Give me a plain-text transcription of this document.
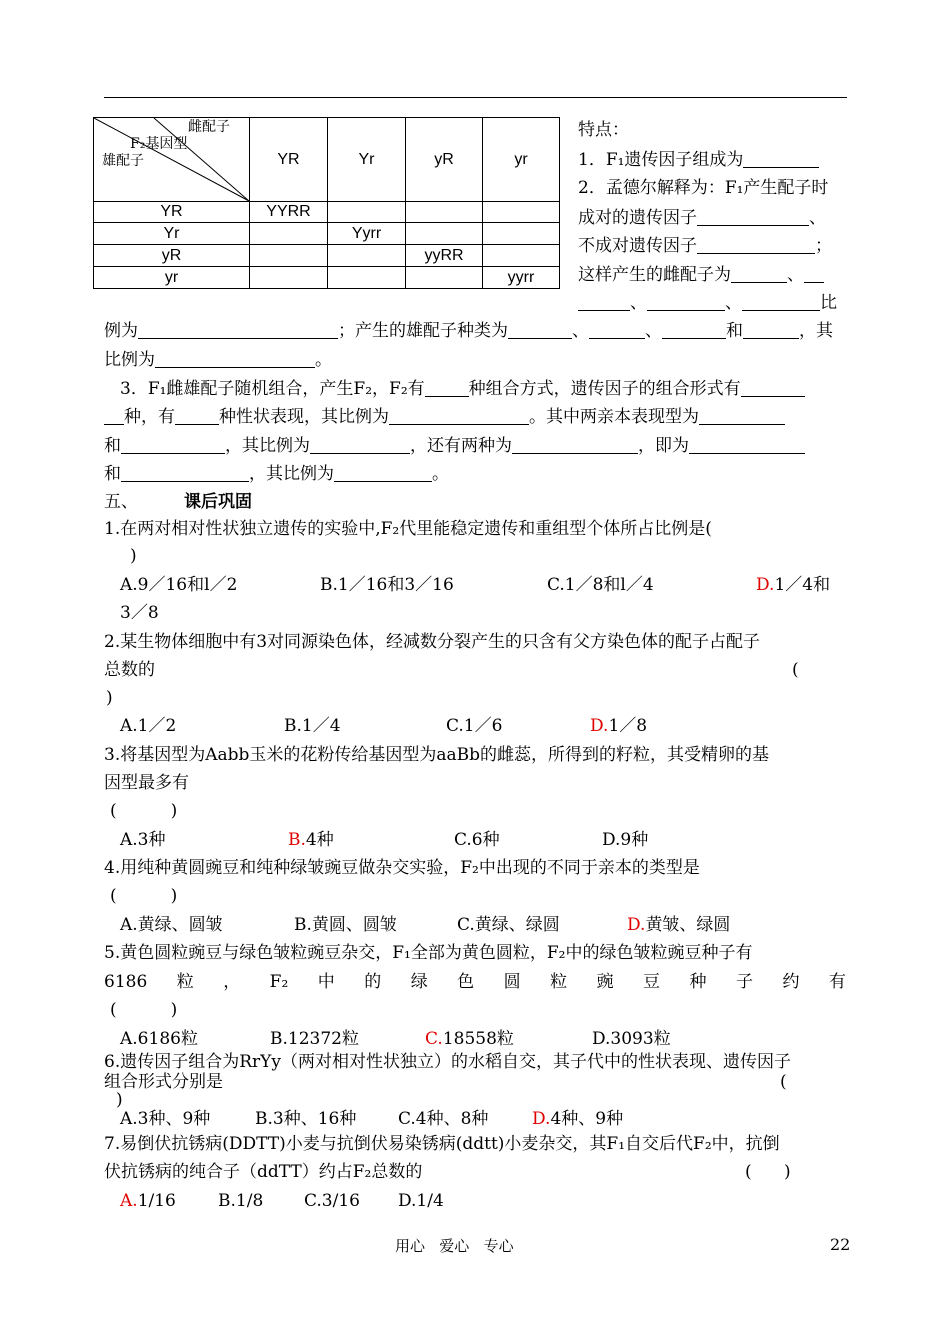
雌配子
F₂基因型
雄配子	YR	Yr	yR	yr
YR	YYRR			
Yr		Yyrr		
yR			yyRR	
yr				yyrr
特点：
1．F₁遗传因子组成为
2．孟德尔解释为：F₁产生配子时
成对的遗传因子	、
不成对遗传因子	；
这样产生的雌配子为	、
、	、	比
例为	；产生的雄配子种类为	、	、	和	，其
比例为	。
3．F₁雌雄配子随机组合，产生F₂，F₂有	种组合方式，遗传因子的组合形式有
种，有	种性状表现，其比例为	。其中两亲本表现型为
和	，其比例为	，还有两种为	，即为
和	，其比例为	。
五、	课后巩固
1.在两对相对性状独立遗传的实验中,F₂代里能稳定遗传和重组型个体所占比例是(
)
A.9／16和l／2	B.1／16和3／16	C.1／8和l／4	D.1／4和
3／8
2.某生物体细胞中有3对同源染色体，经减数分裂产生的只含有父方染色体的配子占配子
总数的	(
)
A.1／2	B.1／4	C.1／6	D.1／8
3.将基因型为Aabb玉米的花粉传给基因型为aaBb的雌蕊，所得到的籽粒，其受精卵的基
因型最多有
(          )
A.3种	B.4种	C.6种	D.9种
4.用纯种黄圆豌豆和纯种绿皱豌豆做杂交实验，F₂中出现的不同于亲本的类型是
(          )
A.黄绿、圆皱	B.黄圆、圆皱	C.黄绿、绿圆	D.黄皱、绿圆
5.黄色圆粒豌豆与绿色皱粒豌豆杂交，F₁全部为黄色圆粒，F₂中的绿色皱粒豌豆种子有
6186 粒 ， F₂ 中 的 绿 色 圆 粒 豌 豆 种 子 约 有
(          )
A.6186粒	B.12372粒	C.18558粒	D.3093粒
6.遗传因子组合为RrYy（两对相对性状独立）的水稻自交，其子代中的性状表现、遗传因子
组合形式分别是	(
)
A.3种、9种	B.3种、16种 C.4种、8种	D.4种、9种
7.易倒伏抗锈病(DDTT)小麦与抗倒伏易染锈病(ddtt)小麦杂交，其F₁自交后代F₂中，抗倒
伏抗锈病的纯合子（ddTT）约占F₂总数的	(      )
A.1/16 B.1/8 C.3/16 D.1/4
用心   爱心   专心	22
